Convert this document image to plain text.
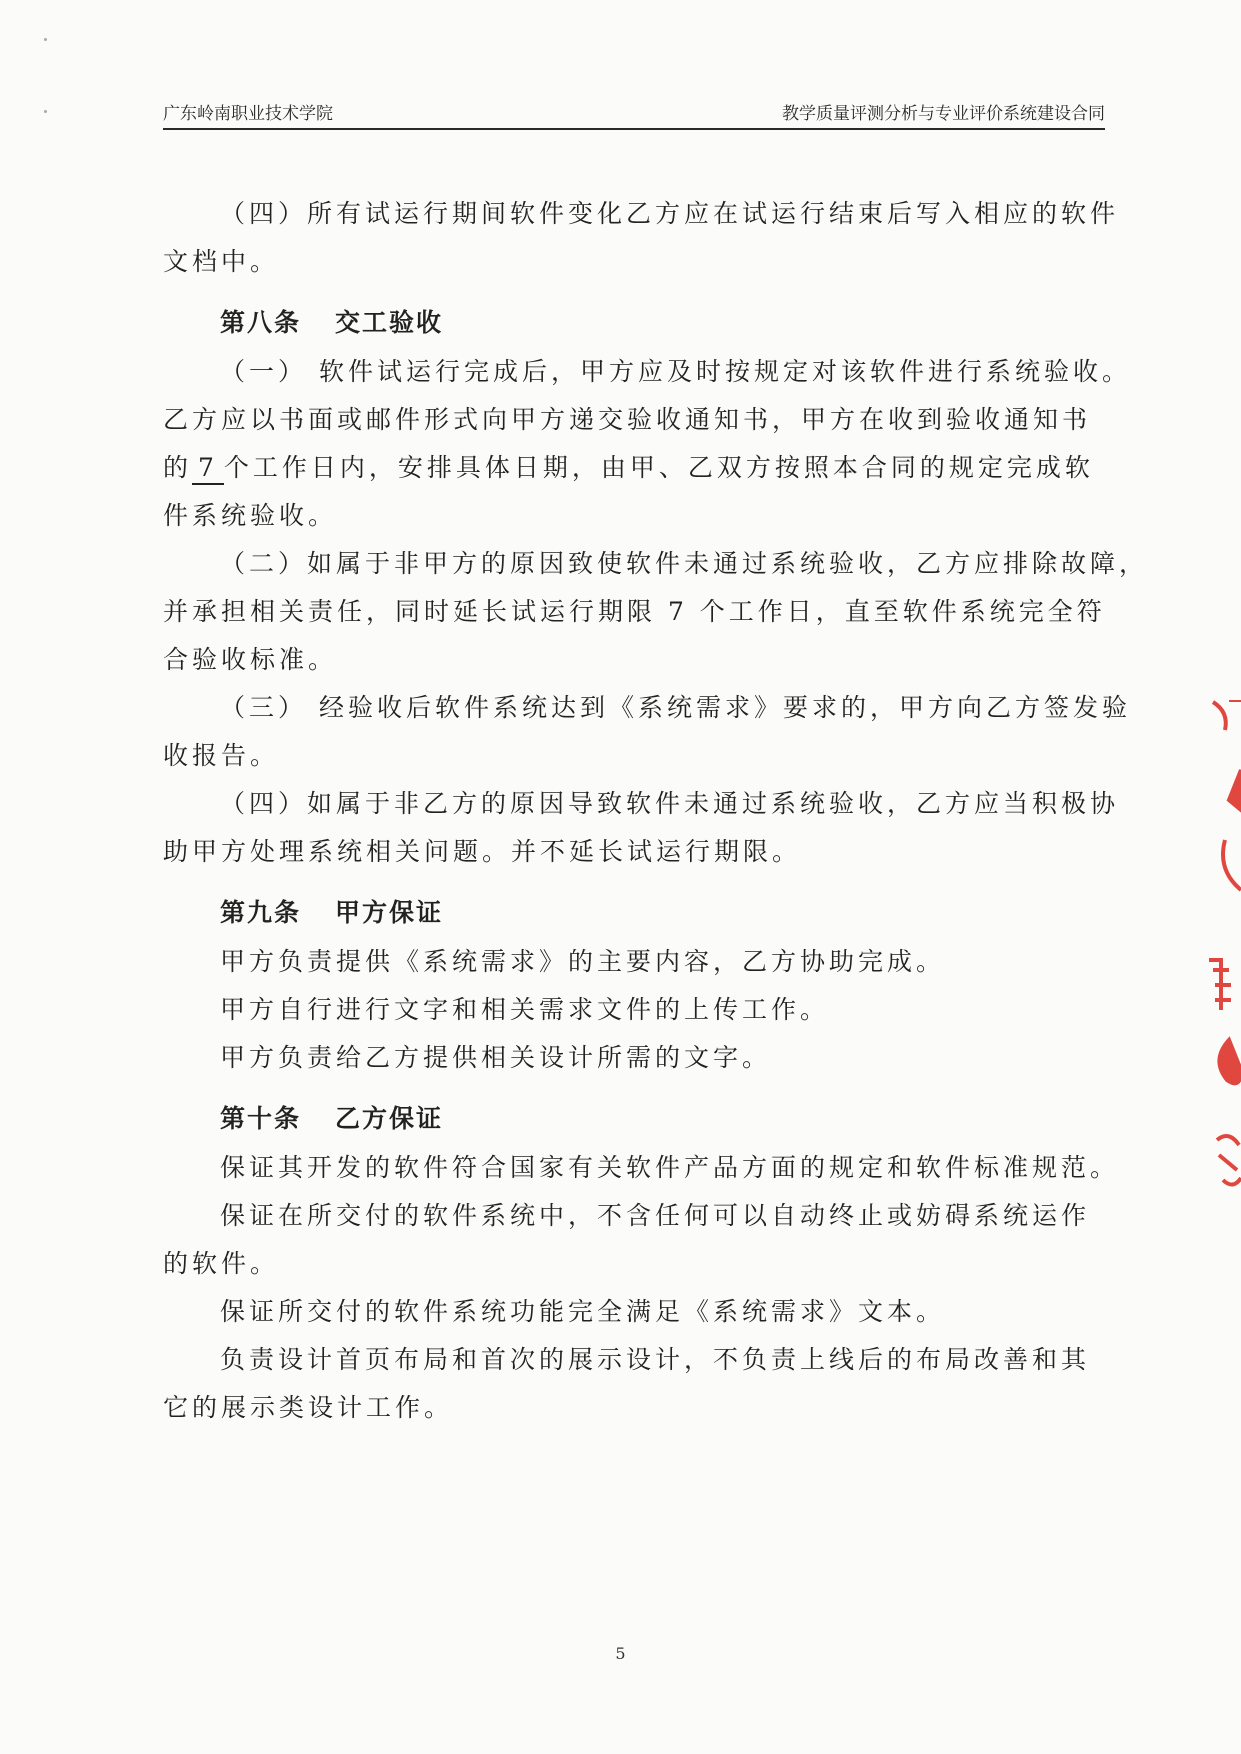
广东岭南职业技术学院	教学质量评测分析与专业评价系统建设合同

（四）所有试运行期间软件变化乙方应在试运行结束后写入相应的软件

文档中。

第八条 交工验收

（一） 软件试运行完成后，甲方应及时按规定对该软件进行系统验收。

乙方应以书面或邮件形式向甲方递交验收通知书，甲方在收到验收通知书

的 7 个工作日内，安排具体日期，由甲、乙双方按照本合同的规定完成软

件系统验收。

（二）如属于非甲方的原因致使软件未通过系统验收，乙方应排除故障，

并承担相关责任，同时延长试运行期限 7 个工作日，直至软件系统完全符

合验收标准。

（三） 经验收后软件系统达到《系统需求》要求的，甲方向乙方签发验

收报告。

（四）如属于非乙方的原因导致软件未通过系统验收，乙方应当积极协

助甲方处理系统相关问题。并不延长试运行期限。

第九条 甲方保证

甲方负责提供《系统需求》的主要内容，乙方协助完成。

甲方自行进行文字和相关需求文件的上传工作。

甲方负责给乙方提供相关设计所需的文字。

第十条 乙方保证

保证其开发的软件符合国家有关软件产品方面的规定和软件标准规范。

保证在所交付的软件系统中，不含任何可以自动终止或妨碍系统运作

的软件。

保证所交付的软件系统功能完全满足《系统需求》文本。

负责设计首页布局和首次的展示设计，不负责上线后的布局改善和其

它的展示类设计工作。

5
